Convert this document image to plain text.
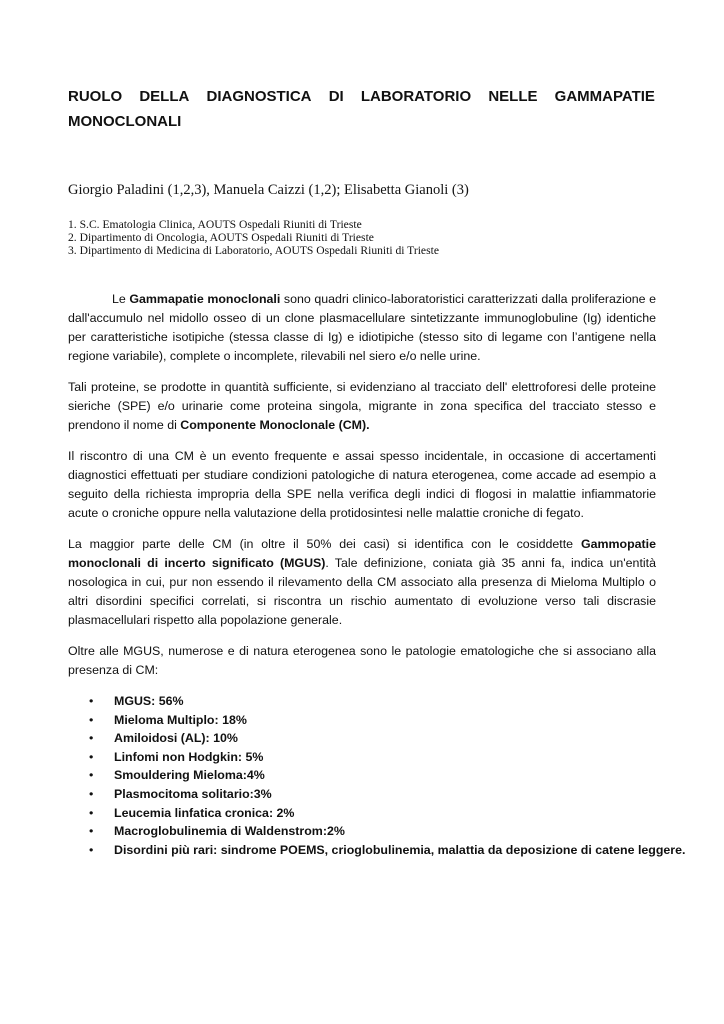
RUOLO DELLA DIAGNOSTICA DI LABORATORIO NELLE GAMMAPATIE
MONOCLONALI
Giorgio Paladini (1,2,3), Manuela Caizzi (1,2); Elisabetta Gianoli (3)
1. S.C. Ematologia Clinica, AOUTS Ospedali Riuniti di Trieste
2. Dipartimento di Oncologia, AOUTS Ospedali Riuniti di Trieste
3. Dipartimento di Medicina di Laboratorio, AOUTS Ospedali Riuniti di Trieste

Le Gammapatie monoclonali sono quadri clinico-laboratoristici caratterizzati dalla proliferazione e dall'accumulo nel midollo osseo di un clone plasmacellulare sintetizzante immunoglobuline (Ig) identiche per caratteristiche isotipiche (stessa classe di Ig) e idiotipiche (stesso sito di legame con l’antigene nella regione variabile), complete o incomplete, rilevabili nel siero e/o nelle urine.

Tali proteine, se prodotte in quantità sufficiente, si evidenziano al tracciato dell' elettroforesi delle proteine sieriche (SPE) e/o urinarie come proteina singola, migrante in zona specifica del tracciato stesso e prendono il nome di Componente Monoclonale (CM).

Il riscontro di una CM è un evento frequente e assai spesso incidentale, in occasione di accertamenti diagnostici effettuati per studiare condizioni patologiche di natura eterogenea, come accade ad esempio a seguito della richiesta impropria della SPE nella verifica degli indici di flogosi in malattie infiammatorie acute o croniche oppure nella valutazione della protidosintesi nelle malattie croniche di fegato.

La maggior parte delle CM (in oltre il 50% dei casi) si identifica con le cosiddette Gammopatie monoclonali di incerto significato (MGUS). Tale definizione, coniata già 35 anni fa, indica un'entità nosologica in cui, pur non essendo il rilevamento della CM associato alla presenza di Mieloma Multiplo o altri disordini specifici correlati, si riscontra un rischio aumentato di evoluzione verso tali discrasie plasmacellulari rispetto alla popolazione generale.

Oltre alle MGUS, numerose e di natura eterogenea sono le patologie ematologiche che si associano alla presenza di CM:

• MGUS: 56%
• Mieloma Multiplo: 18%
• Amiloidosi (AL): 10%
• Linfomi non Hodgkin: 5%
• Smouldering Mieloma:4%
• Plasmocitoma solitario:3%
• Leucemia linfatica cronica: 2%
• Macroglobulinemia di Waldenstrom:2%
• Disordini più rari: sindrome POEMS, crioglobulinemia, malattia da deposizione di catene leggere.
